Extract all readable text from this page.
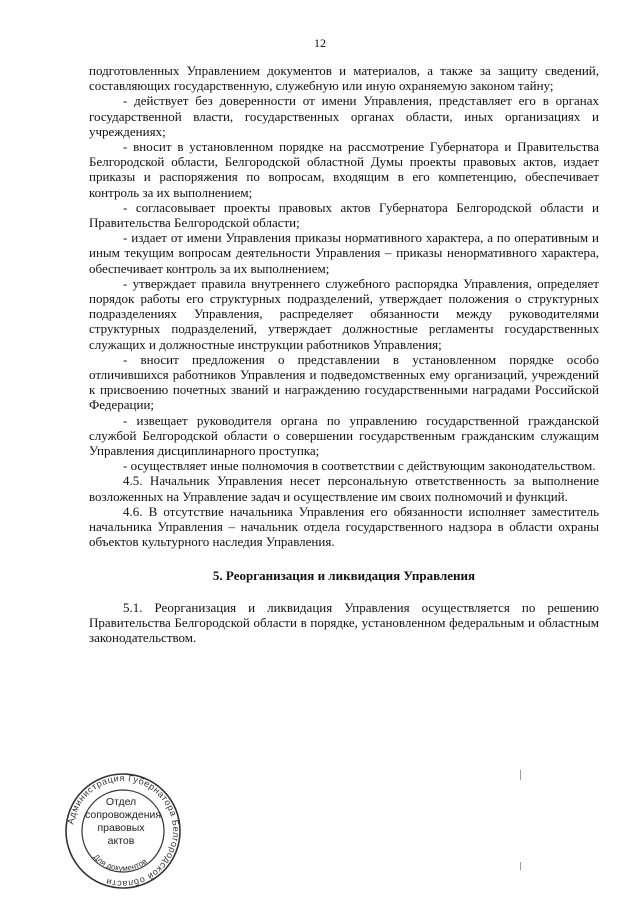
12

подготовленных Управлением документов и материалов, а также за защиту сведений, составляющих государственную, служебную или иную охраняемую законом тайну;

- действует без доверенности от имени Управления, представляет его в органах государственной власти, государственных органах области, иных организациях и учреждениях;

- вносит в установленном порядке на рассмотрение Губернатора и Правительства Белгородской области, Белгородской областной Думы проекты правовых актов, издает приказы и распоряжения по вопросам, входящим в его компетенцию, обеспечивает контроль за их выполнением;

- согласовывает проекты правовых актов Губернатора Белгородской области и Правительства Белгородской области;

- издает от имени Управления приказы нормативного характера, а по оперативным и иным текущим вопросам деятельности Управления – приказы ненормативного характера, обеспечивает контроль за их выполнением;

- утверждает правила внутреннего служебного распорядка Управления, определяет порядок работы его структурных подразделений, утверждает положения о структурных подразделениях Управления, распределяет обязанности между руководителями структурных подразделений, утверждает должностные регламенты государственных служащих и должностные инструкции работников Управления;

- вносит предложения о представлении в установленном порядке особо отличившихся работников Управления и подведомственных ему организаций, учреждений к присвоению почетных званий и награждению государственными наградами Российской Федерации;

- извещает руководителя органа по управлению государственной гражданской службой Белгородской области о совершении государственным гражданским служащим Управления дисциплинарного проступка;

- осуществляет иные полномочия в соответствии с действующим законодательством.

4.5. Начальник Управления несет персональную ответственность за выполнение возложенных на Управление задач и осуществление им своих полномочий и функций.

4.6. В отсутствие начальника Управления его обязанности исполняет заместитель начальника Управления – начальник отдела государственного надзора в области охраны объектов культурного наследия Управления.

5. Реорганизация и ликвидация Управления

5.1. Реорганизация и ликвидация Управления осуществляется по решению Правительства Белгородской области в порядке, установленном федеральным и областным законодательством.

Администрация Губернатора Белгородской области
Для документов
Отдел
сопровождения
правовых
актов
